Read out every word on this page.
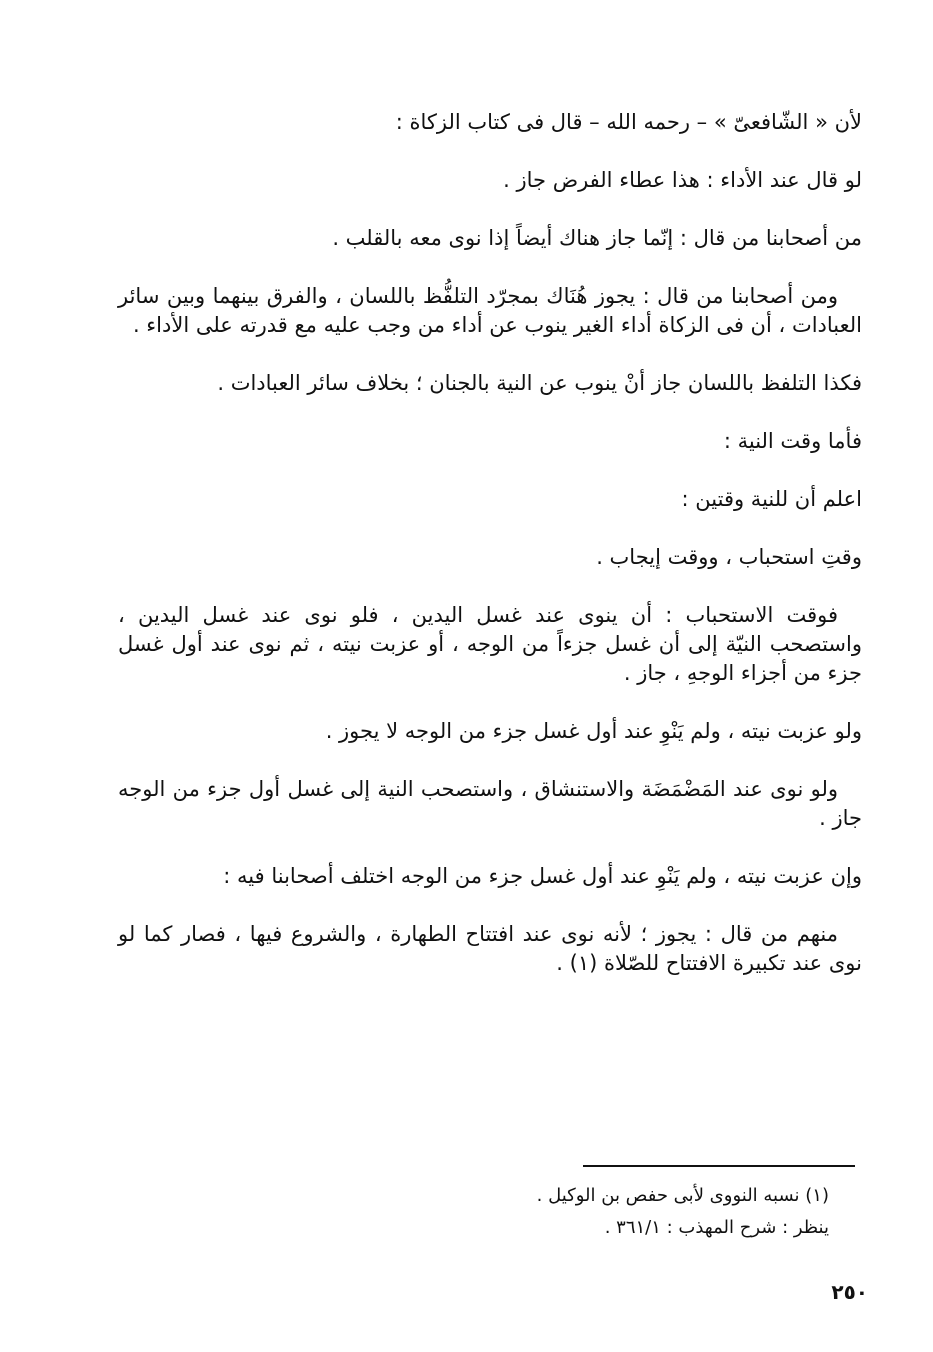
لأن « الشّافعىّ » – رحمه الله – قال فى كتاب الزكاة :

لو قال عند الأداء : هذا عطاء الفرض جاز .

من أصحابنا من قال : إنّما جاز هناك أيضاً إذا نوى معه بالقلب .

ومن أصحابنا من قال : يجوز هُنَاك بمجرّد التلفُّظ باللسان ، والفرق بينهما وبين سائر العبادات ، أن فى الزكاة أداء الغير ينوب عن أداء من وجب عليه مع قدرته على الأداء .

فكذا التلفظ باللسان جاز أنْ ينوب عن النية بالجنان ؛ بخلاف سائر العبادات .

فأما وقت النية :

اعلم أن للنية وقتين :

وقتِ استحباب ، ووقت إيجاب .

فوقت الاستحباب : أن ينوى عند غسل اليدين ، فلو نوى عند غسل اليدين ، واستصحب النيّة إلى أن غسل جزءاً من الوجه ، أو عزبت نيته ، ثم نوى عند أول غسل جزء من أجزاء الوجهِ ، جاز .

ولو عزبت نيته ، ولم يَنْوِ عند أول غسل جزء من الوجه لا يجوز .

ولو نوى عند المَضْمَضَة والاستنشاق ، واستصحب النية إلى غسل أول جزء من الوجه جاز .

وإن عزبت نيته ، ولم يَنْوِ عند أول غسل جزء من الوجه اختلف أصحابنا فيه :

منهم من قال : يجوز ؛ لأنه نوى عند افتتاح الطهارة ، والشروع فيها ، فصار كما لو نوى عند تكبيرة الافتتاح للصّلاة (١) .

(١) نسبه النووى لأبى حفص بن الوكيل .

ينظر : شرح المهذب : ٣٦١/١ .

٢٥٠
